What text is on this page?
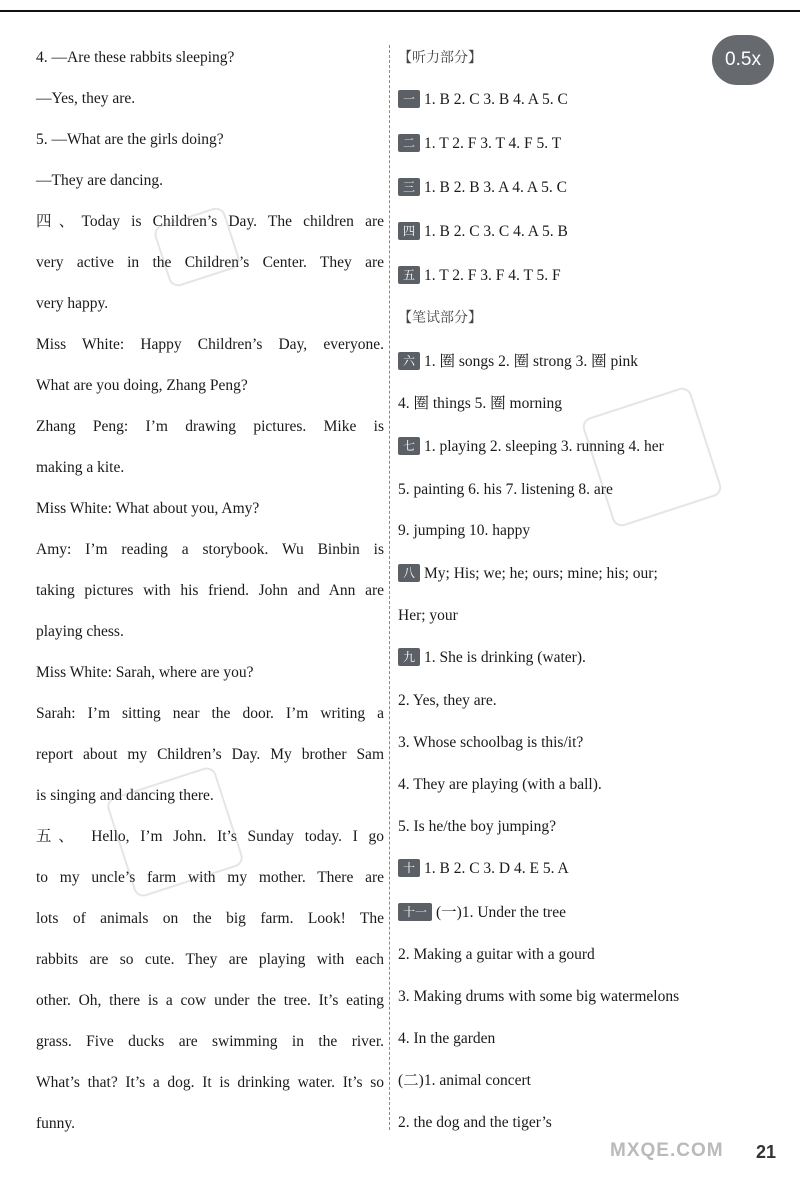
4. —Are these rabbits sleeping?
—Yes, they are.
5. —What are the girls doing?
—They are dancing.
四、Today is Children’s Day. The children are
very active in the Children’s Center. They are
very happy.
Miss White: Happy Children’s Day, everyone.
What are you doing, Zhang Peng?
Zhang Peng: I’m drawing pictures. Mike is
making a kite.
Miss White: What about you, Amy?
Amy: I’m reading a storybook. Wu Binbin is
taking pictures with his friend. John and Ann are
playing chess.
Miss White: Sarah, where are you?
Sarah: I’m sitting near the door. I’m writing a
report about my Children’s Day. My brother Sam
is singing and dancing there.
五、 Hello, I’m John. It’s Sunday today. I go
to my uncle’s farm with my mother. There are
lots of animals on the big farm. Look! The
rabbits are so cute. They are playing with each
other. Oh, there is a cow under the tree. It’s eating
grass. Five ducks are swimming in the river.
What’s that? It’s a dog. It is drinking water. It’s so
funny.
【听力部分】
一 1. B 2. C 3. B 4. A 5. C
二 1. T 2. F 3. T 4. F 5. T
三 1. B 2. B 3. A 4. A 5. C
四 1. B 2. C 3. C 4. A 5. B
五 1. T 2. F 3. F 4. T 5. F
【笔试部分】
六 1. 圈 songs 2. 圈 strong 3. 圈 pink
4. 圈 things 5. 圈 morning
七 1. playing 2. sleeping 3. running 4. her
5. painting 6. his 7. listening 8. are
9. jumping 10. happy
八 My; His; we; he; ours; mine; his; our;
Her; your
九 1. She is drinking (water).
2. Yes, they are.
3. Whose schoolbag is this/it?
4. They are playing (with a ball).
5. Is he/the boy jumping?
十 1. B 2. C 3. D 4. E 5. A
十一 (一)1. Under the tree
2. Making a guitar with a gourd
3. Making drums with some big watermelons
4. In the garden
(二)1. animal concert
2. the dog and the tiger’s
0.5x
MXQE.COM 21
